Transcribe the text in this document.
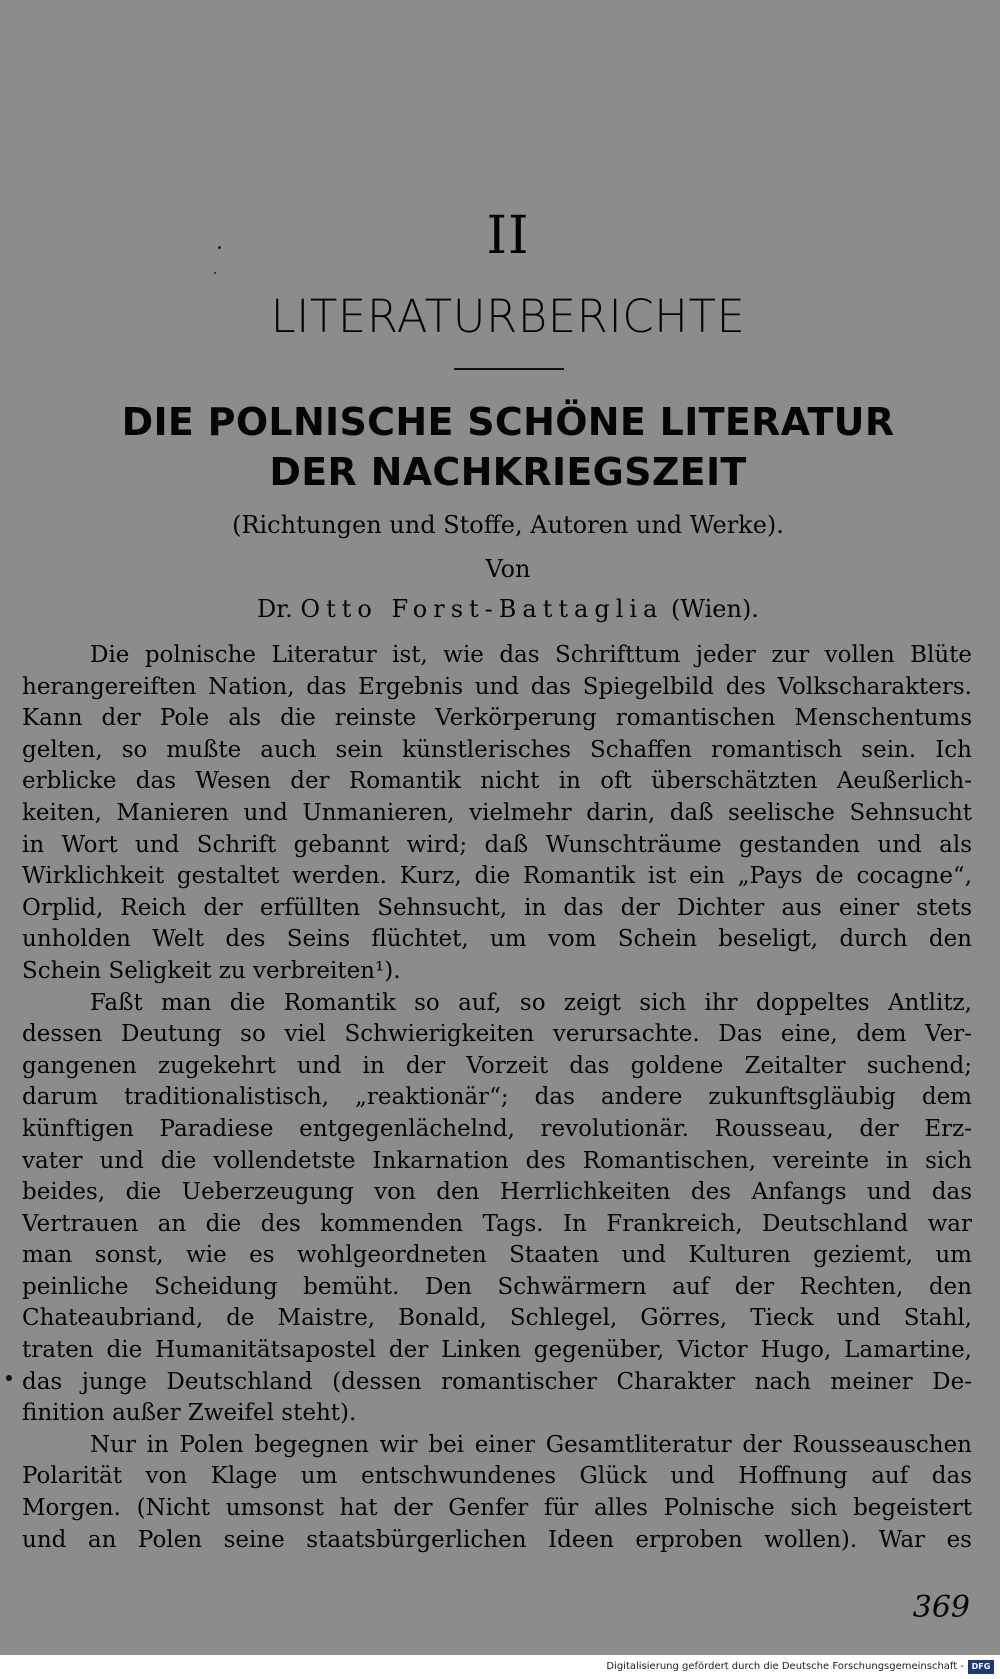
II
LITERATURBERICHTE
DIE POLNISCHE SCHÖNE LITERATUR
DER NACHKRIEGSZEIT
(Richtungen und Stoffe, Autoren und Werke).
Von
Dr. Otto Forst-Battaglia (Wien).
Die polnische Literatur ist, wie das Schrifttum jeder zur vollen Blüte
herangereiften Nation, das Ergebnis und das Spiegelbild des Volkscharakters.
Kann der Pole als die reinste Verkörperung romantischen Menschentums
gelten, so mußte auch sein künstlerisches Schaffen romantisch sein. Ich
erblicke das Wesen der Romantik nicht in oft überschätzten Aeußerlich-
keiten, Manieren und Unmanieren, vielmehr darin, daß seelische Sehnsucht
in Wort und Schrift gebannt wird; daß Wunschträume gestanden und als
Wirklichkeit gestaltet werden. Kurz, die Romantik ist ein „Pays de cocagne“,
Orplid, Reich der erfüllten Sehnsucht, in das der Dichter aus einer stets
unholden Welt des Seins flüchtet, um vom Schein beseligt, durch den
Schein Seligkeit zu verbreiten¹).
Faßt man die Romantik so auf, so zeigt sich ihr doppeltes Antlitz,
dessen Deutung so viel Schwierigkeiten verursachte. Das eine, dem Ver-
gangenen zugekehrt und in der Vorzeit das goldene Zeitalter suchend;
darum traditionalistisch, „reaktionär“; das andere zukunftsgläubig dem
künftigen Paradiese entgegenlächelnd, revolutionär. Rousseau, der Erz-
vater und die vollendetste Inkarnation des Romantischen, vereinte in sich
beides, die Ueberzeugung von den Herrlichkeiten des Anfangs und das
Vertrauen an die des kommenden Tags. In Frankreich, Deutschland war
man sonst, wie es wohlgeordneten Staaten und Kulturen geziemt, um
peinliche Scheidung bemüht. Den Schwärmern auf der Rechten, den
Chateaubriand, de Maistre, Bonald, Schlegel, Görres, Tieck und Stahl,
traten die Humanitätsapostel der Linken gegenüber, Victor Hugo, Lamartine,
das junge Deutschland (dessen romantischer Charakter nach meiner De-
finition außer Zweifel steht).
Nur in Polen begegnen wir bei einer Gesamtliteratur der Rousseauschen
Polarität von Klage um entschwundenes Glück und Hoffnung auf das
Morgen. (Nicht umsonst hat der Genfer für alles Polnische sich begeistert
und an Polen seine staatsbürgerlichen Ideen erproben wollen). War es
369
Digitalisierung gefördert durch die Deutsche Forschungsgemeinschaft - DFG
